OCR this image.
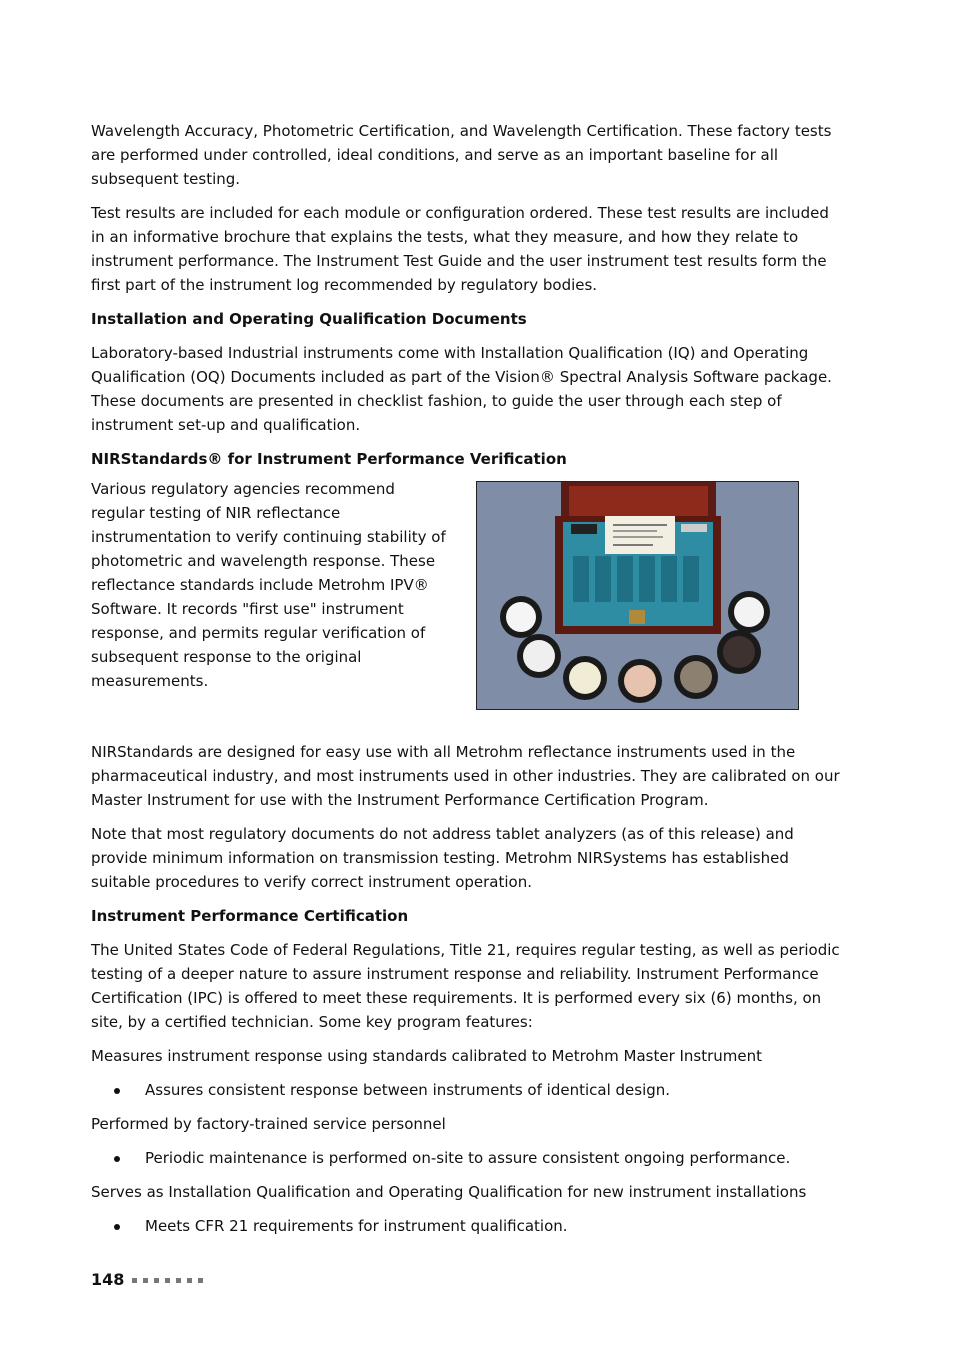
Wavelength Accuracy, Photometric Certification, and Wavelength Certification. These factory tests are performed under controlled, ideal conditions, and serve as an important baseline for all subsequent testing.

Test results are included for each module or configuration ordered. These test results are included in an informative brochure that explains the tests, what they measure, and how they relate to instrument performance. The Instrument Test Guide and the user instrument test results form the first part of the instrument log recommended by regulatory bodies.

Installation and Operating Qualification Documents

Laboratory-based Industrial instruments come with Installation Qualification (IQ) and Operating Qualification (OQ) Documents included as part of the Vision® Spectral Analysis Software package. These documents are presented in checklist fashion, to guide the user through each step of instrument set-up and qualification.

NIRStandards® for Instrument Performance Verification

Various regulatory agencies recommend regular testing of NIR reflectance instrumentation to verify continuing stability of photometric and wavelength response. These reflectance standards include Metrohm IPV® Software. It records "first use" instrument response, and permits regular verification of subsequent response to the original measurements.

NIRStandards are designed for easy use with all Metrohm reflectance instruments used in the pharmaceutical industry, and most instruments used in other industries. They are calibrated on our Master Instrument for use with the Instrument Performance Certification Program.

Note that most regulatory documents do not address tablet analyzers (as of this release) and provide minimum information on transmission testing. Metrohm NIRSystems has established suitable procedures to verify correct instrument operation.

Instrument Performance Certification

The United States Code of Federal Regulations, Title 21, requires regular testing, as well as periodic testing of a deeper nature to assure instrument response and reliability. Instrument Performance Certification (IPC) is offered to meet these requirements. It is performed every six (6) months, on site, by a certified technician. Some key program features:

Measures instrument response using standards calibrated to Metrohm Master Instrument

Assures consistent response between instruments of identical design.

Performed by factory-trained service personnel

Periodic maintenance is performed on-site to assure consistent ongoing performance.

Serves as Installation Qualification and Operating Qualification for new instrument installations

Meets CFR 21 requirements for instrument qualification.
148
